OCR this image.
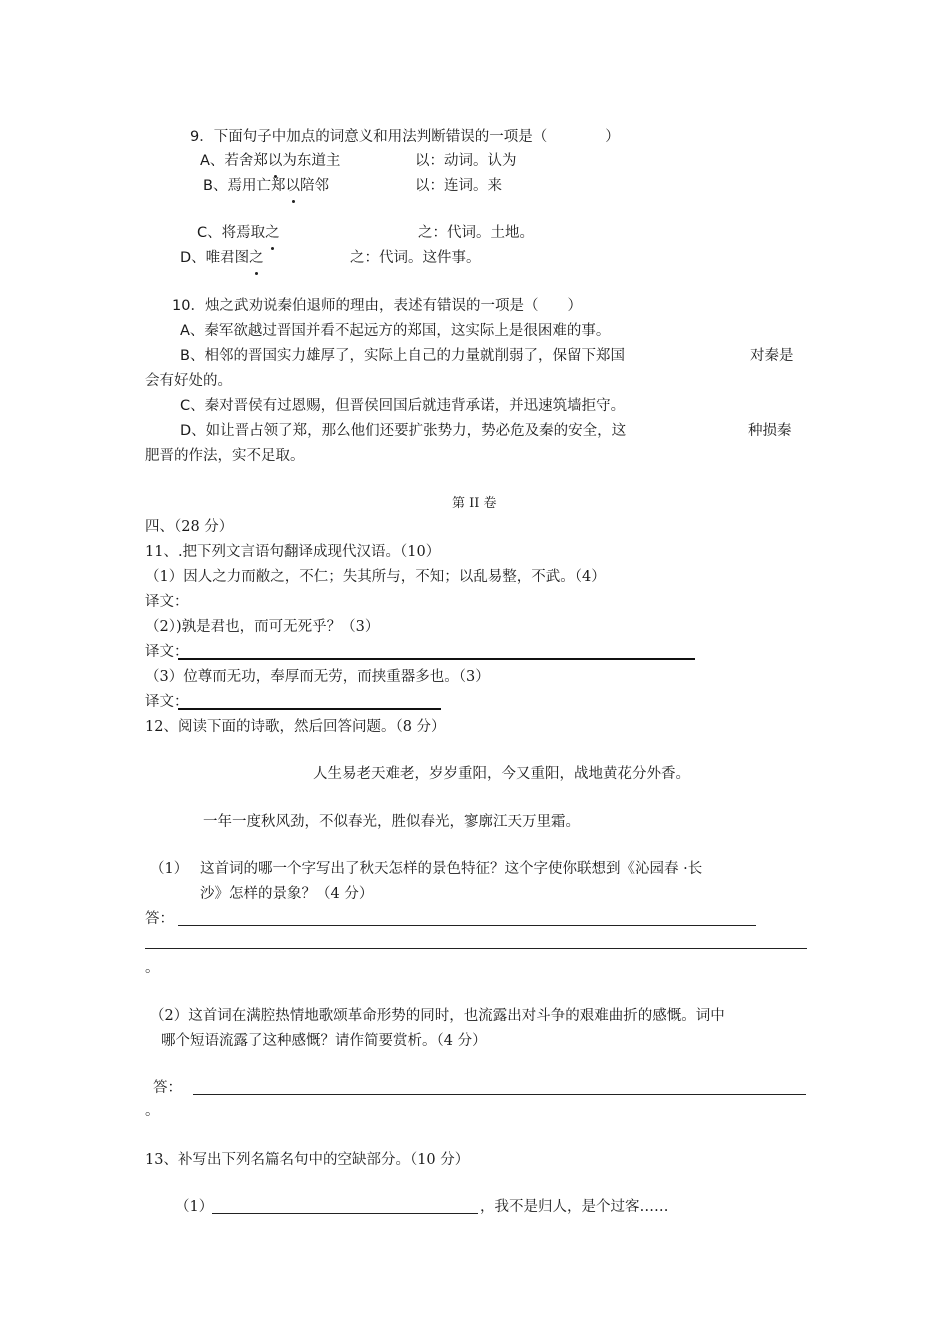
9．下面句子中加点的词意义和用法判断错误的一项是（　　　　）
A、若舍郑以为东道主	以：动词。认为
B、焉用亡郑以陪邻	以：连词。来
C、将焉取之	之：代词。土地。
D、唯君图之	之：代词。这件事。
10．烛之武劝说秦伯退师的理由，表述有错误的一项是（　　）
A、秦军欲越过晋国并看不起远方的郑国，这实际上是很困难的事。
B、相邻的晋国实力雄厚了，实际上自己的力量就削弱了，保留下郑国	对秦是
会有好处的。
C、秦对晋侯有过恩赐，但晋侯回国后就违背承诺，并迅速筑墙拒守。
D、如让晋占领了郑，那么他们还要扩张势力，势必危及秦的安全，这	种损秦
肥晋的作法，实不足取。
第 II 卷
四、（28 分）
11、.把下列文言语句翻译成现代汉语。（10）
（1）因人之力而敝之，不仁；失其所与，不知；以乱易整，不武。（4）
译文：
（2）)孰是君也，而可无死乎？（3）
译文：
（3）位尊而无功，奉厚而无劳，而挟重器多也。（3）
译文：
12、阅读下面的诗歌，然后回答问题。（8 分）
人生易老天难老，岁岁重阳，今又重阳，战地黄花分外香。
一年一度秋风劲，不似春光，胜似春光，寥廓江天万里霜。
（1） 这首词的哪一个字写出了秋天怎样的景色特征？这个字使你联想到《沁园春 ·长
沙》怎样的景象？（4 分）
答：
。
（2）这首词在满腔热情地歌颂革命形势的同时，也流露出对斗争的艰难曲折的感慨。词中
哪个短语流露了这种感慨？请作简要赏析。（4 分）
答：
。
13、补写出下列名篇名句中的空缺部分。（10 分）
（1）	，我不是归人，是个过客……
